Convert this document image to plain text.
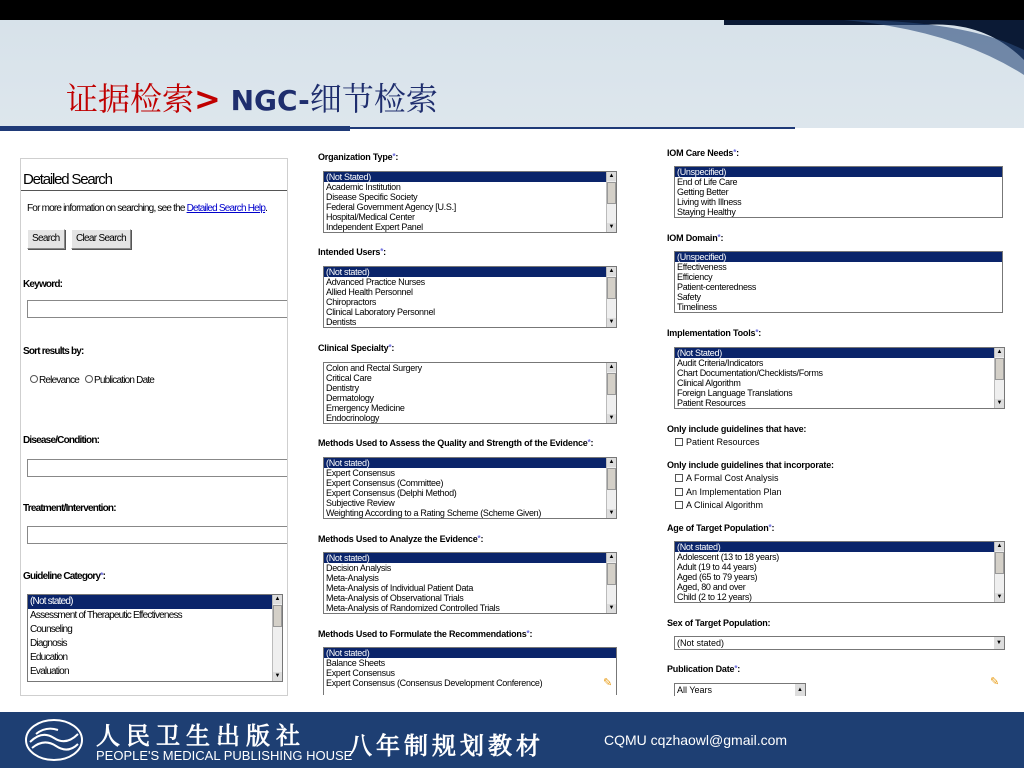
证据检索> NGC-细节检索
Detailed Search
For more information on searching, see the Detailed Search Help.
Search	Clear Search
Keyword:
Sort results by:
Relevance Publication Date
Disease/Condition:
Treatment/Intervention:
Guideline Category*:
(Not stated)
Assessment of Therapeutic Effectiveness
Counseling
Diagnosis
Education
Evaluation
▲
▼
Organization Type*:
(Not Stated)
Academic Institution
Disease Specific Society
Federal Government Agency [U.S.]
Hospital/Medical Center
Independent Expert Panel
▲
▼
Intended Users*:
(Not stated)
Advanced Practice Nurses
Allied Health Personnel
Chiropractors
Clinical Laboratory Personnel
Dentists
▲
▼
Clinical Specialty*:
Colon and Rectal Surgery
Critical Care
Dentistry
Dermatology
Emergency Medicine
Endocrinology
▲
▼
Methods Used to Assess the Quality and Strength of the Evidence*:
(Not stated)
Expert Consensus
Expert Consensus (Committee)
Expert Consensus (Delphi Method)
Subjective Review
Weighting According to a Rating Scheme (Scheme Given)
▲
▼
Methods Used to Analyze the Evidence*:
(Not stated)
Decision Analysis
Meta-Analysis
Meta-Analysis of Individual Patient Data
Meta-Analysis of Observational Trials
Meta-Analysis of Randomized Controlled Trials
▲
▼
Methods Used to Formulate the Recommendations*:
(Not stated)
Balance Sheets
Expert Consensus
Expert Consensus (Consensus Development Conference)	✎
IOM Care Needs*:
(Unspecified)
End of Life Care
Getting Better
Living with Illness
Staying Healthy
IOM Domain*:
(Unspecified)
Effectiveness
Efficiency
Patient-centeredness
Safety
Timeliness
Implementation Tools*:
(Not Stated)
Audit Criteria/Indicators
Chart Documentation/Checklists/Forms
Clinical Algorithm
Foreign Language Translations
Patient Resources
▲
▼
Only include guidelines that have:
Patient Resources
Only include guidelines that incorporate:
A Formal Cost Analysis
An Implementation Plan
A Clinical Algorithm
Age of Target Population*:
(Not stated)
Adolescent (13 to 18 years)
Adult (19 to 44 years)
Aged (65 to 79 years)
Aged, 80 and over
Child (2 to 12 years)
▲
▼
Sex of Target Population:
(Not stated)	▼
Publication Date*:
All Years	▲
✎
人民卫生出版社
PEOPLE'S MEDICAL PUBLISHING HOUSE
八年制规划教材	CQMU cqzhaowl@gmail.com
